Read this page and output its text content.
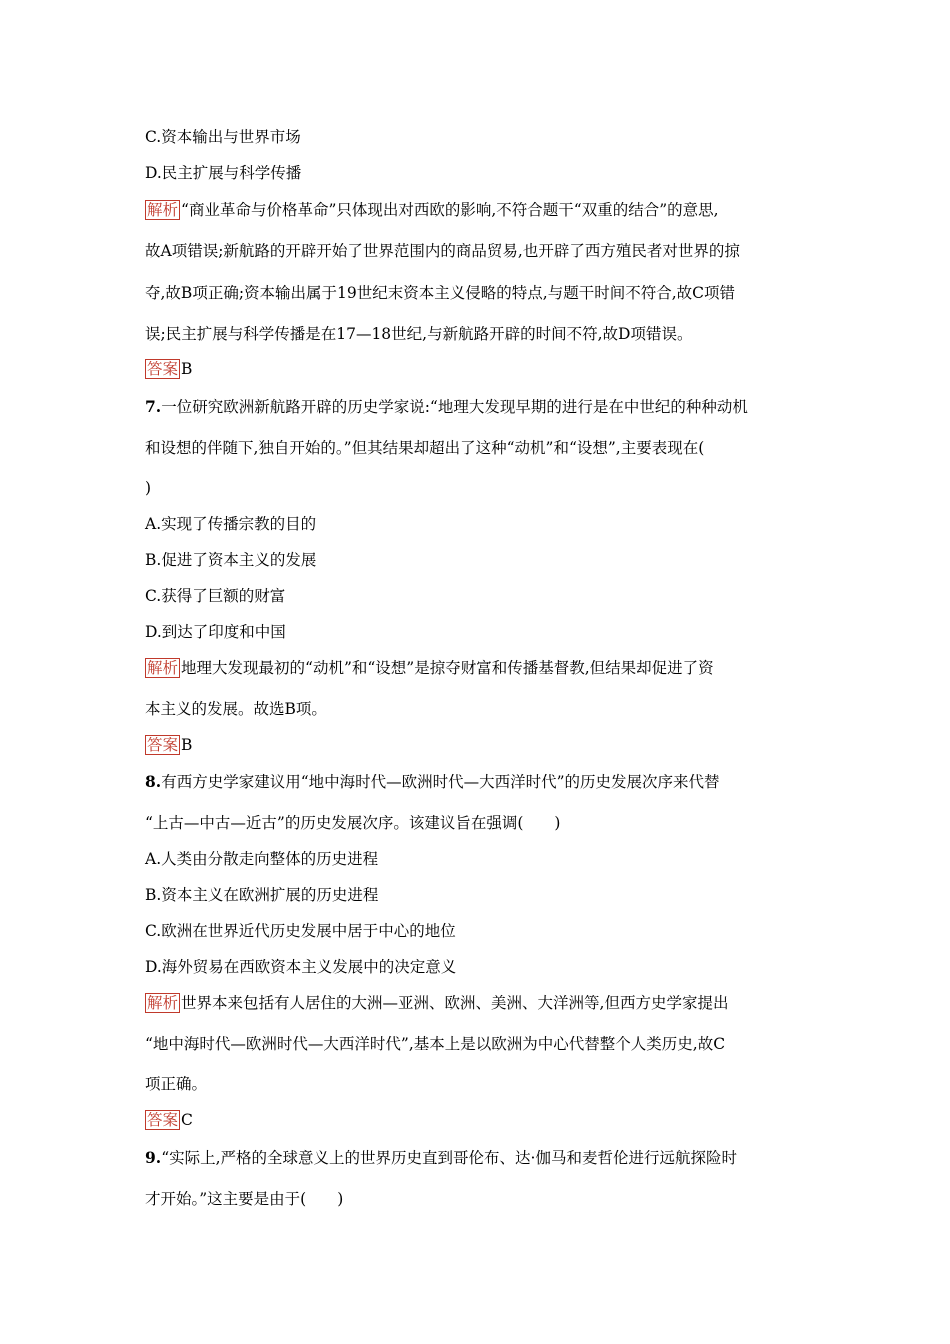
C.资本输出与世界市场
D.民主扩展与科学传播
解析 “商业革命与价格革命”只体现出对西欧的影响,不符合题干“双重的结合”的意思,
故A项错误;新航路的开辟开始了世界范围内的商品贸易,也开辟了西方殖民者对世界的掠
夺,故B项正确;资本输出属于19世纪末资本主义侵略的特点,与题干时间不符合,故C项错
误;民主扩展与科学传播是在17—18世纪,与新航路开辟的时间不符,故D项错误。
答案 B
7.一位研究欧洲新航路开辟的历史学家说:“地理大发现早期的进行是在中世纪的种种动机
和设想的伴随下,独自开始的。”但其结果却超出了这种“动机”和“设想”,主要表现在(
)
A.实现了传播宗教的目的
B.促进了资本主义的发展
C.获得了巨额的财富
D.到达了印度和中国
解析 地理大发现最初的“动机”和“设想”是掠夺财富和传播基督教,但结果却促进了资
本主义的发展。故选B项。
答案 B
8.有西方史学家建议用“地中海时代—欧洲时代—大西洋时代”的历史发展次序来代替
“上古—中古—近古”的历史发展次序。该建议旨在强调(　　)
A.人类由分散走向整体的历史进程
B.资本主义在欧洲扩展的历史进程
C.欧洲在世界近代历史发展中居于中心的地位
D.海外贸易在西欧资本主义发展中的决定意义
解析 世界本来包括有人居住的大洲—亚洲、欧洲、美洲、大洋洲等,但西方史学家提出
“地中海时代—欧洲时代—大西洋时代”,基本上是以欧洲为中心代替整个人类历史,故C
项正确。
答案 C
9.“实际上,严格的全球意义上的世界历史直到哥伦布、达·伽马和麦哲伦进行远航探险时
才开始。”这主要是由于(　　)
